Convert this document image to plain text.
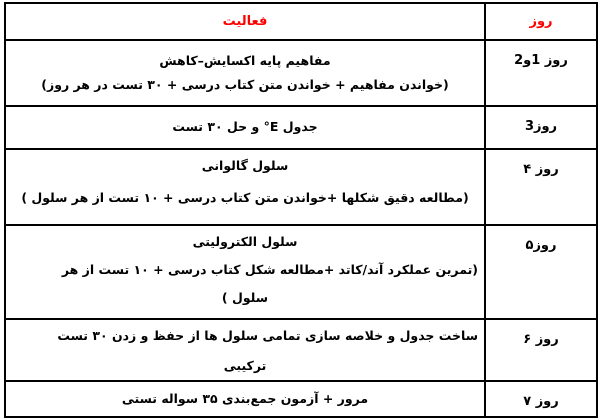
روز	فعالیت

روز 1و2	مفاهیم پایه اکسایش–کاهش
(خواندن مفاهیم + خواندن متن کتاب درسی + ۳۰ تست در هر روز)

روز3	جدول E° و حل ۳۰ تست

روز ۴	سلول گالوانی
(مطالعه دقیق شکلها +خواندن متن کتاب درسی + ۱۰ تست از هر سلول )

روز۵	سلول الکترولیتی
(تمرین عملکرد آند/کاتد +مطالعه شکل کتاب درسی + ۱۰ تست از هر
سلول )

روز ۶	ساخت جدول و خلاصه سازی تمامی سلول ها از حفظ و زدن ۳۰ تست
ترکیبی

روز ۷	مرور + آزمون جمع‌بندی ۳۵ سواله تستی
